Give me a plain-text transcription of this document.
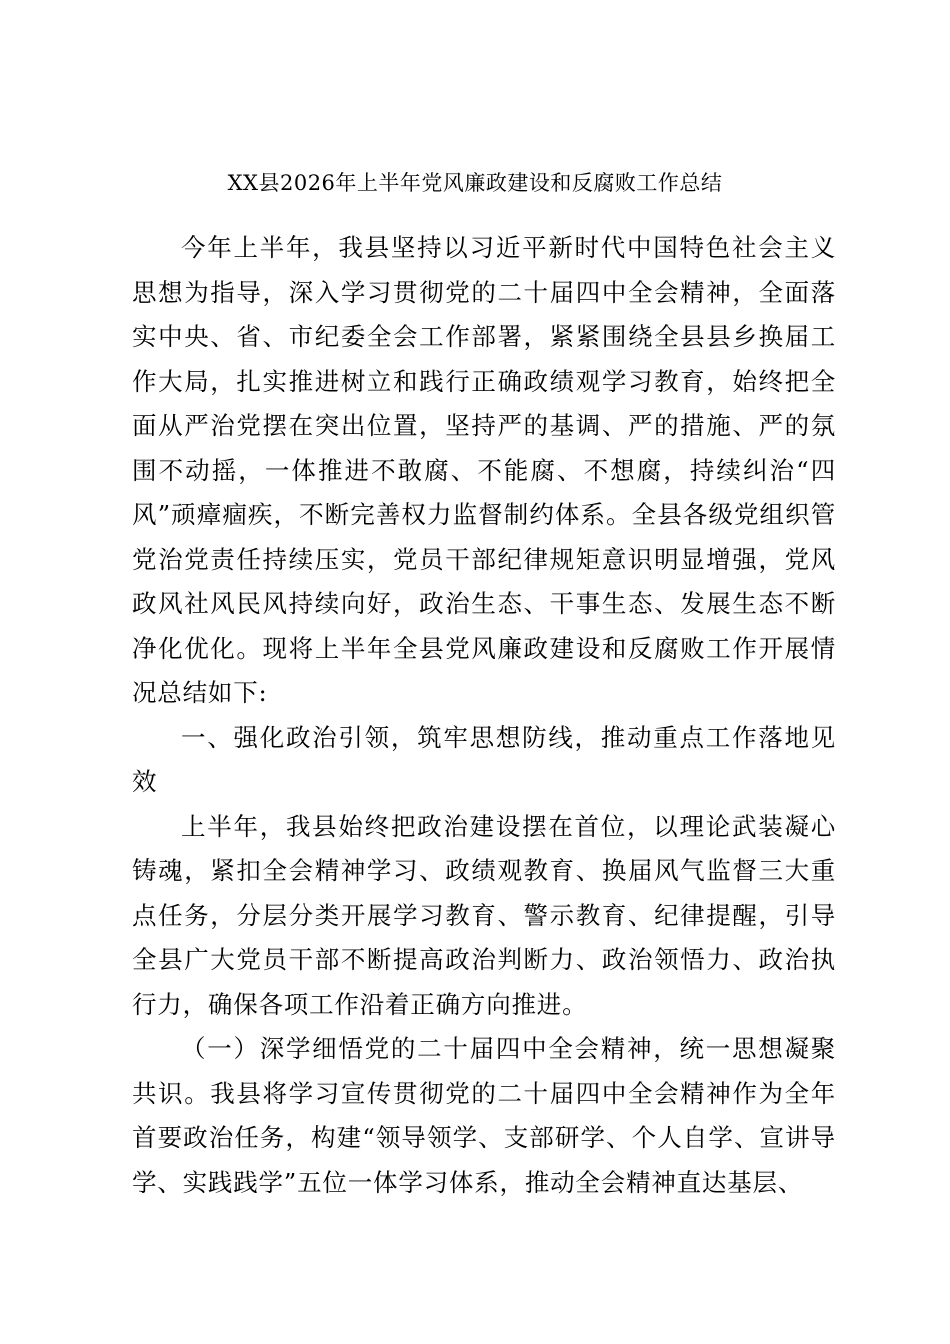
XX县2026年上半年党风廉政建设和反腐败工作总结

今年上半年，我县坚持以习近平新时代中国特色社会主义思想为指导，深入学习贯彻党的二十届四中全会精神，全面落实中央、省、市纪委全会工作部署，紧紧围绕全县县乡换届工作大局，扎实推进树立和践行正确政绩观学习教育，始终把全面从严治党摆在突出位置，坚持严的基调、严的措施、严的氛围不动摇，一体推进不敢腐、不能腐、不想腐，持续纠治“四风”顽瘴痼疾，不断完善权力监督制约体系。全县各级党组织管党治党责任持续压实，党员干部纪律规矩意识明显增强，党风政风社风民风持续向好，政治生态、干事生态、发展生态不断净化优化。现将上半年全县党风廉政建设和反腐败工作开展情况总结如下:

一、强化政治引领，筑牢思想防线，推动重点工作落地见效

上半年，我县始终把政治建设摆在首位，以理论武装凝心铸魂，紧扣全会精神学习、政绩观教育、换届风气监督三大重点任务，分层分类开展学习教育、警示教育、纪律提醒，引导全县广大党员干部不断提高政治判断力、政治领悟力、政治执行力，确保各项工作沿着正确方向推进。

（一）深学细悟党的二十届四中全会精神，统一思想凝聚共识。我县将学习宣传贯彻党的二十届四中全会精神作为全年首要政治任务，构建“领导领学、支部研学、个人自学、宣讲导学、实践践学”五位一体学习体系，推动全会精神直达基层、
